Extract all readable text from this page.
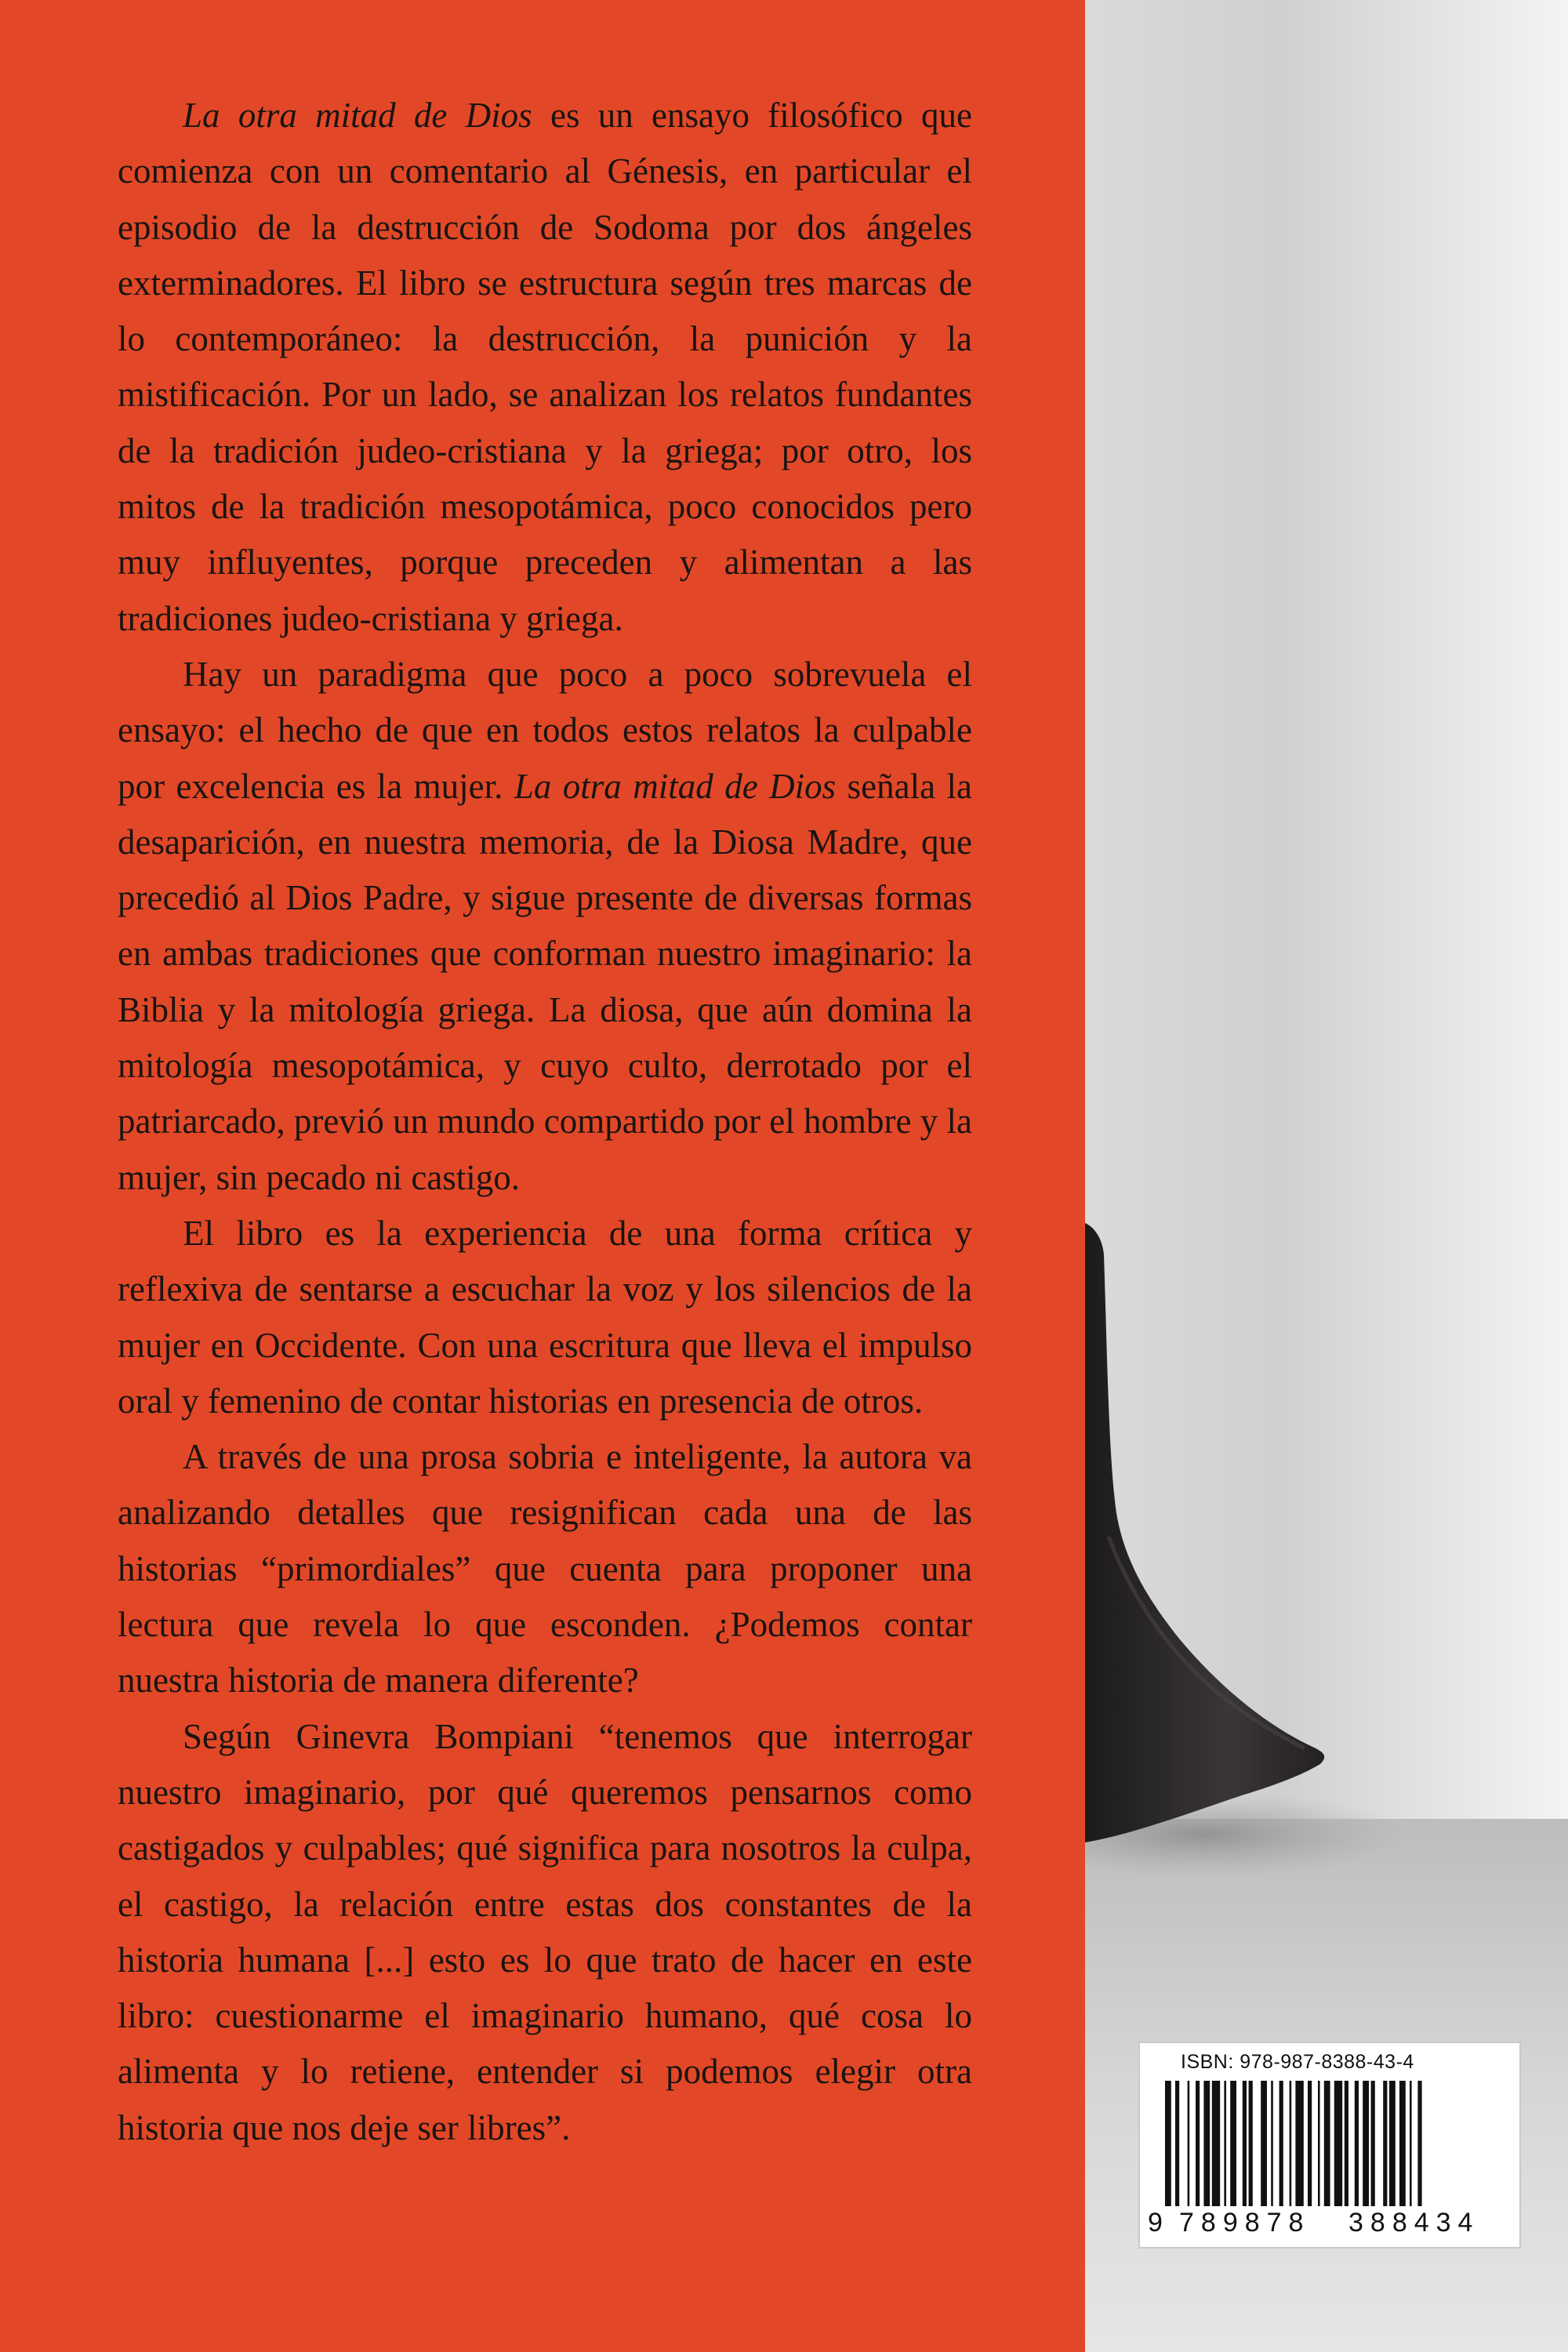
La otra mitad de Dios es un ensayo filosófico que comienza con un comentario al Génesis, en particular el episodio de la destrucción de Sodoma por dos ángeles exterminadores. El libro se estructura según tres marcas de lo contemporáneo: la destrucción, la punición y la mistificación. Por un lado, se analizan los relatos fundantes de la tradición judeo-cristiana y la griega; por otro, los mitos de la tradición mesopotámica, poco conocidos pero muy influyentes, porque preceden y alimentan a las tradiciones judeo-cristiana y griega.

Hay un paradigma que poco a poco sobrevuela el ensayo: el hecho de que en todos estos relatos la culpable por excelencia es la mujer. La otra mitad de Dios señala la desaparición, en nuestra memoria, de la Diosa Madre, que precedió al Dios Padre, y sigue presente de diversas formas en ambas tradiciones que conforman nuestro imaginario: la Biblia y la mitología griega. La diosa, que aún domina la mitología mesopotámica, y cuyo culto, derrotado por el patriarcado, previó un mundo compartido por el hombre y la mujer, sin pecado ni castigo.

El libro es la experiencia de una forma crítica y reflexiva de sentarse a escuchar la voz y los silencios de la mujer en Occidente. Con una escritura que lleva el impulso oral y femenino de contar historias en presencia de otros.

A través de una prosa sobria e inteligente, la autora va analizando detalles que resignifican cada una de las historias “primordiales” que cuenta para proponer una lectura que revela lo que esconden. ¿Podemos contar nuestra historia de manera diferente?

Según Ginevra Bompiani “tenemos que interrogar nuestro imaginario, por qué queremos pensarnos como castigados y culpables; qué significa para nosotros la culpa, el castigo, la relación entre estas dos constantes de la historia humana [...] esto es lo que trato de hacer en este libro: cuestionarme el imaginario humano, qué cosa lo alimenta y lo retiene, entender si podemos elegir otra historia que nos deje ser libres”.

ISBN: 978-987-8388-43-4
9 789878 388434
